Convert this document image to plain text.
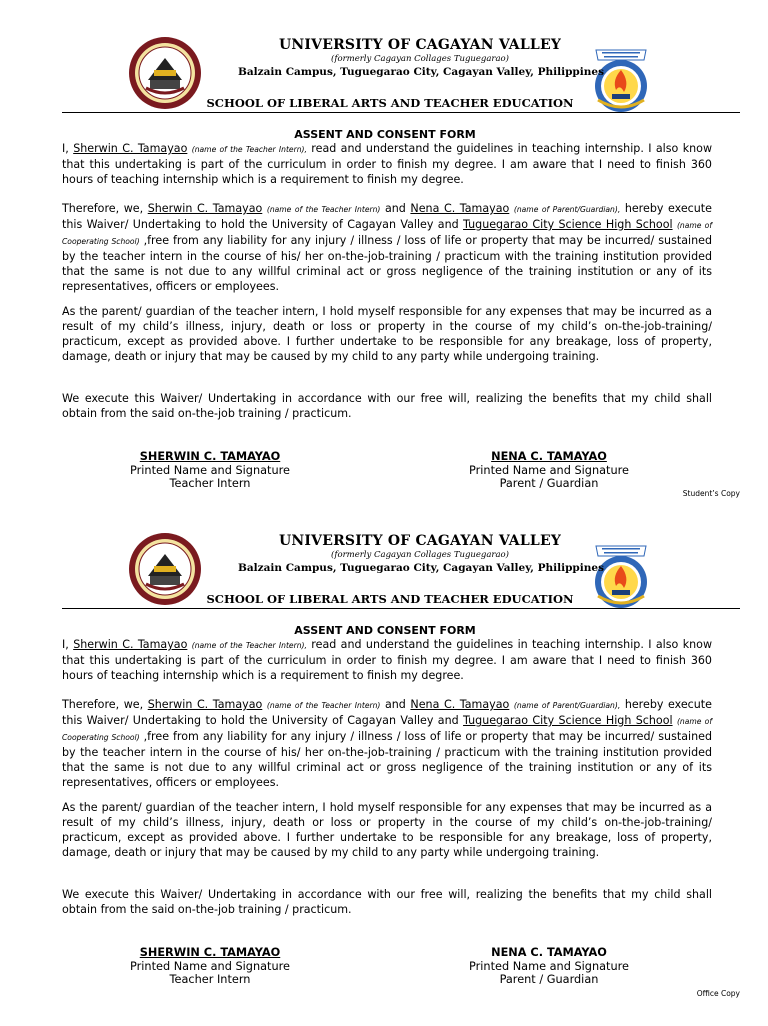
UNIVERSITY OF CAGAYAN VALLEY
(formerly Cagayan Collages Tuguegarao)
Balzain Campus, Tuguegarao City, Cagayan Valley, Philippines
SCHOOL OF LIBERAL ARTS AND TEACHER EDUCATION
ASSENT AND CONSENT FORM
I, Sherwin C. Tamayao (name of the Teacher Intern), read and understand the guidelines in teaching internship. I also know that this undertaking is part of the curriculum in order to finish my degree. I am aware that I need to finish 360 hours of teaching internship which is a requirement to finish my degree.
Therefore, we, Sherwin C. Tamayao (name of the Teacher Intern) and Nena C. Tamayao (name of Parent/Guardian), hereby execute this Waiver/ Undertaking to hold the University of Cagayan Valley and Tuguegarao City Science High School (name of Cooperating School) ,free from any liability for any injury / illness / loss of life or property that may be incurred/ sustained by the teacher intern in the course of his/ her on-the-job-training / practicum with the training institution provided that the same is not due to any willful criminal act or gross negligence of the training institution or any of its representatives, officers or employees.
As the parent/ guardian of the teacher intern, I hold myself responsible for any expenses that may be incurred as a result of my child’s illness, injury, death or loss or property in the course of my child’s on-the-job-training/ practicum, except as provided above. I further undertake to be responsible for any breakage, loss of property, damage, death or injury that may be caused by my child to any party while undergoing training.
We execute this Waiver/ Undertaking in accordance with our free will, realizing the benefits that my child shall obtain from the said on-the-job training / practicum.
SHERWIN C. TAMAYAO
Printed Name and Signature
Teacher Intern
NENA C. TAMAYAO
Printed Name and Signature
Parent / Guardian
Student’s Copy
UNIVERSITY OF CAGAYAN VALLEY
(formerly Cagayan Collages Tuguegarao)
Balzain Campus, Tuguegarao City, Cagayan Valley, Philippines
SCHOOL OF LIBERAL ARTS AND TEACHER EDUCATION
ASSENT AND CONSENT FORM
I, Sherwin C. Tamayao (name of the Teacher Intern), read and understand the guidelines in teaching internship. I also know that this undertaking is part of the curriculum in order to finish my degree. I am aware that I need to finish 360 hours of teaching internship which is a requirement to finish my degree.
Therefore, we, Sherwin C. Tamayao (name of the Teacher Intern) and Nena C. Tamayao (name of Parent/Guardian), hereby execute this Waiver/ Undertaking to hold the University of Cagayan Valley and Tuguegarao City Science High School (name of Cooperating School) ,free from any liability for any injury / illness / loss of life or property that may be incurred/ sustained by the teacher intern in the course of his/ her on-the-job-training / practicum with the training institution provided that the same is not due to any willful criminal act or gross negligence of the training institution or any of its representatives, officers or employees.
As the parent/ guardian of the teacher intern, I hold myself responsible for any expenses that may be incurred as a result of my child’s illness, injury, death or loss or property in the course of my child’s on-the-job-training/ practicum, except as provided above. I further undertake to be responsible for any breakage, loss of property, damage, death or injury that may be caused by my child to any party while undergoing training.
We execute this Waiver/ Undertaking in accordance with our free will, realizing the benefits that my child shall obtain from the said on-the-job training / practicum.
SHERWIN C. TAMAYAO
Printed Name and Signature
Teacher Intern
NENA C. TAMAYAO
Printed Name and Signature
Parent / Guardian
Office Copy
